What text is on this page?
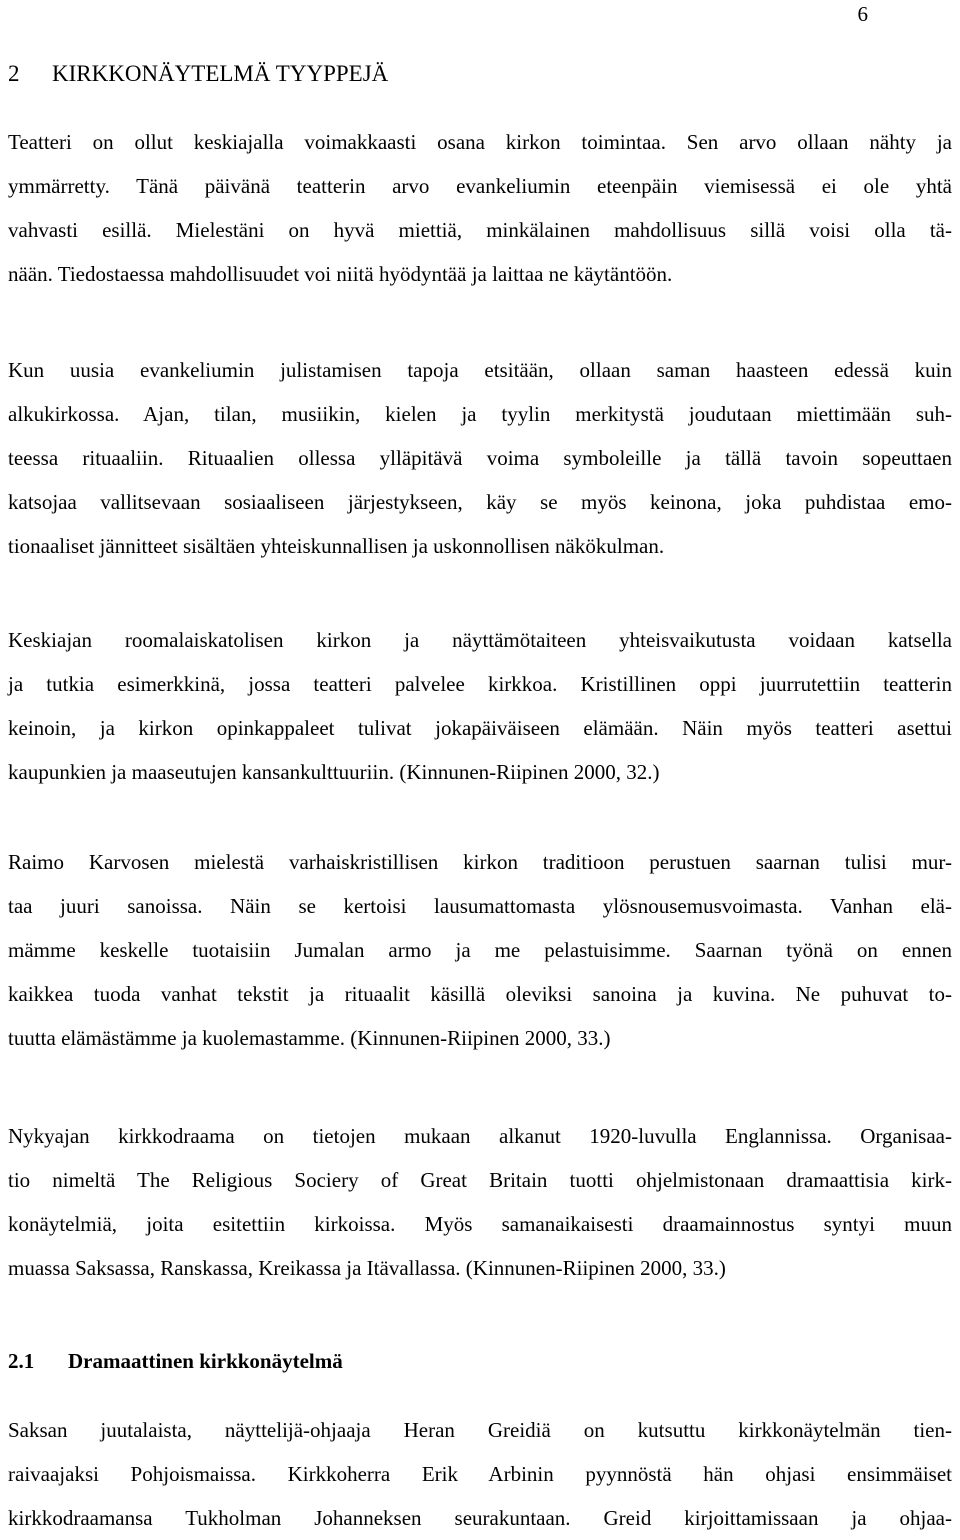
6
2 KIRKKONÄYTELMÄ TYYPPEJÄ
Teatteri on ollut keskiajalla voimakkaasti osana kirkon toimintaa. Sen arvo ollaan nähty ja
ymmärretty. Tänä päivänä teatterin arvo evankeliumin eteenpäin viemisessä ei ole yhtä
vahvasti esillä. Mielestäni on hyvä miettiä, minkälainen mahdollisuus sillä voisi olla tä-
nään. Tiedostaessa mahdollisuudet voi niitä hyödyntää ja laittaa ne käytäntöön.
Kun uusia evankeliumin julistamisen tapoja etsitään, ollaan saman haasteen edessä kuin
alkukirkossa. Ajan, tilan, musiikin, kielen ja tyylin merkitystä joudutaan miettimään suh-
teessa rituaaliin. Rituaalien ollessa ylläpitävä voima symboleille ja tällä tavoin sopeuttaen
katsojaa vallitsevaan sosiaaliseen järjestykseen, käy se myös keinona, joka puhdistaa emo-
tionaaliset jännitteet sisältäen yhteiskunnallisen ja uskonnollisen näkökulman.
Keskiajan roomalaiskatolisen kirkon ja näyttämötaiteen yhteisvaikutusta voidaan katsella
ja tutkia esimerkkinä, jossa teatteri palvelee kirkkoa. Kristillinen oppi juurrutettiin teatterin
keinoin, ja kirkon opinkappaleet tulivat jokapäiväiseen elämään. Näin myös teatteri asettui
kaupunkien ja maaseutujen kansankulttuuriin. (Kinnunen-Riipinen 2000, 32.)
Raimo Karvosen mielestä varhaiskristillisen kirkon traditioon perustuen saarnan tulisi mur-
taa juuri sanoissa. Näin se kertoisi lausumattomasta ylösnousemusvoimasta. Vanhan elä-
mämme keskelle tuotaisiin Jumalan armo ja me pelastuisimme. Saarnan työnä on ennen
kaikkea tuoda vanhat tekstit ja rituaalit käsillä oleviksi sanoina ja kuvina. Ne puhuvat to-
tuutta elämästämme ja kuolemastamme. (Kinnunen-Riipinen 2000, 33.)
Nykyajan kirkkodraama on tietojen mukaan alkanut 1920-luvulla Englannissa. Organisaa-
tio nimeltä The Religious Sociery of Great Britain tuotti ohjelmistonaan dramaattisia kirk-
konäytelmiä, joita esitettiin kirkoissa. Myös samanaikaisesti draamainnostus syntyi muun
muassa Saksassa, Ranskassa, Kreikassa ja Itävallassa. (Kinnunen-Riipinen 2000, 33.)
2.1 Dramaattinen kirkkonäytelmä
Saksan juutalaista, näyttelijä-ohjaaja Heran Greidiä on kutsuttu kirkkonäytelmän tien-
raivaajaksi Pohjoismaissa. Kirkkoherra Erik Arbinin pyynnöstä hän ohjasi ensimmäiset
kirkkodraamansa Tukholman Johanneksen seurakuntaan. Greid kirjoittamissaan ja ohjaa-
